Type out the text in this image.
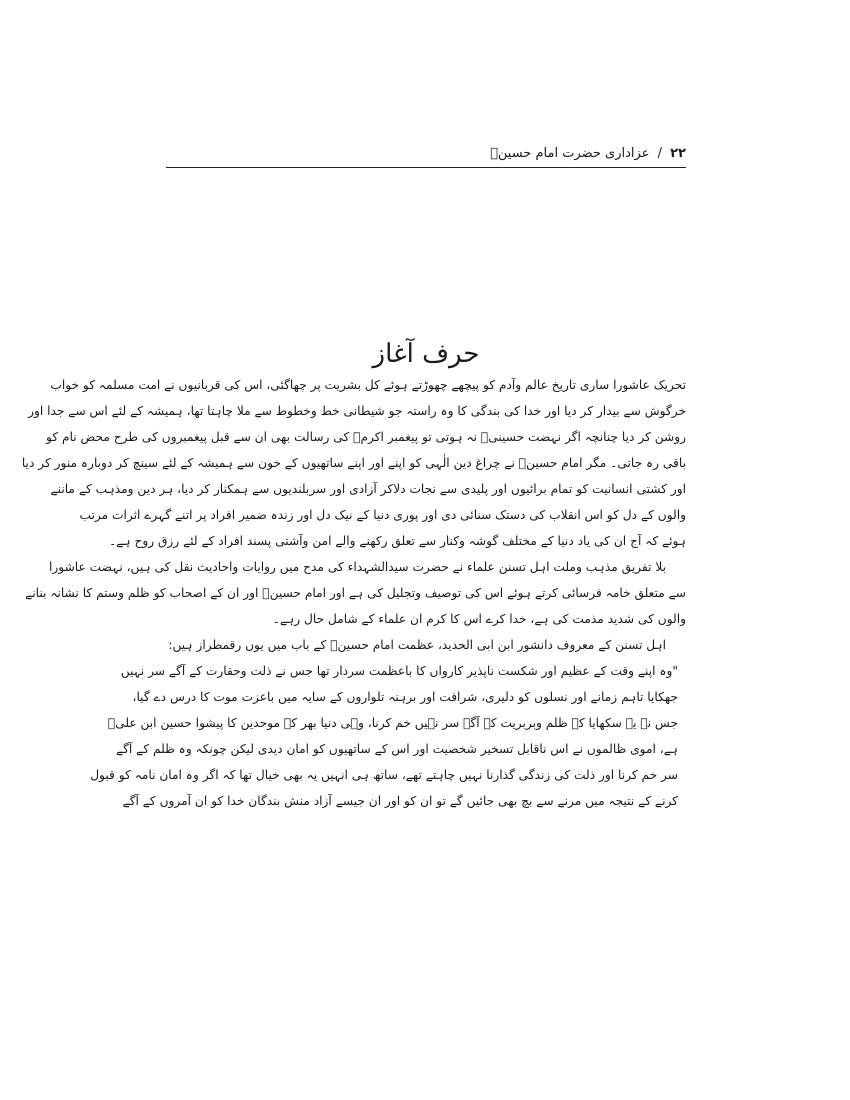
۲۲ / عزاداری حضرت امام حسینؑ
حرف آغاز
تحریک عاشورا ساری تاریخ عالم وآدم کو پیچھے چھوڑتے ہوئے کل بشریت پر چھاگئی، اس کی قربانیوں نے امت مسلمہ کو خواب
خرگوش سے بیدار کر دیا اور خدا کی بندگی کا وہ راستہ جو شیطانی خط وخطوط سے ملا چاہتا تھا، ہمیشہ کے لئے اس سے جدا اور
روشن کر دیا چنانچہ اگر نہضت حسینیؑ نہ ہوتی تو پیغمبر اکرمؐ کی رسالت بھی ان سے قبل پیغمبروں کی طرح محض نام کو
باقی رہ جاتی۔ مگر امام حسینؑ نے چراغ دین الٰہی کو اپنے اور اپنے ساتھیوں کے خون سے ہمیشہ کے لئے سینچ کر دوبارہ منور کر دیا
اور کشتی انسانیت کو تمام برائیوں اور پلیدی سے نجات دلاکر آزادی اور سربلندیوں سے ہمکنار کر دیا، ہر دین ومذہب کے ماننے
والوں کے دل کو اس انقلاب کی دستک سنائی دی اور پوری دنیا کے نیک دل اور زندہ ضمیر افراد پر اتنے گہرے اثرات مرتب
ہوئے کہ آج ان کی یاد دنیا کے مختلف گوشہ وکنار سے تعلق رکھنے والے امن وآشتی پسند افراد کے لئے رزق روح ہے۔
بلا تفریق مذہب وملت اہل تسنن علماء نے حضرت سیدالشہداء کی مدح میں روایات واحادیث نقل کی ہیں، نہضت عاشورا
سے متعلق خامہ فرسائی کرتے ہوئے اس کی توصیف وتجلیل کی ہے اور امام حسینؑ اور ان کے اصحاب کو ظلم وستم کا نشانہ بنانے
والوں کی شدید مذمت کی ہے، خدا کرے اس کا کرم ان علماء کے شامل حال رہے۔
اہل تسنن کے معروف دانشور ابن ابی الحدید، عظمت امام حسینؑ کے باب میں یوں رقمطراز ہیں:
"وہ اپنے وقت کے عظیم اور شکست ناپذیر کارواں کا باعظمت سردار تھا جس نے ذلت وحقارت کے آگے سر نہیں
جھکایا تاہم زمانے اور نسلوں کو دلیری، شرافت اور برہنہ تلواروں کے سایہ میں باعزت موت کا درس دے گیا،
جس نے یہ سکھایا کہ ظلم وبربریت کے آگے سر نہیں خم کرنا، وہی دنیا بھر کے موحدین کا پیشوا حسین ابن علیؑ
ہے، اموی ظالموں نے اس ناقابل تسخیر شخصیت اور اس کے ساتھیوں کو امان دیدی لیکن چونکہ وہ ظلم کے آگے
سر خم کرنا اور ذلت کی زندگی گذارنا نہیں چاہتے تھے، ساتھ ہی انہیں یہ بھی خیال تھا کہ اگر وہ امان نامہ کو قبول
کرنے کے نتیجہ میں مرنے سے بچ بھی جائیں گے تو ان کو اور ان جیسے آزاد منش بندگان خدا کو ان آمروں کے آگے
